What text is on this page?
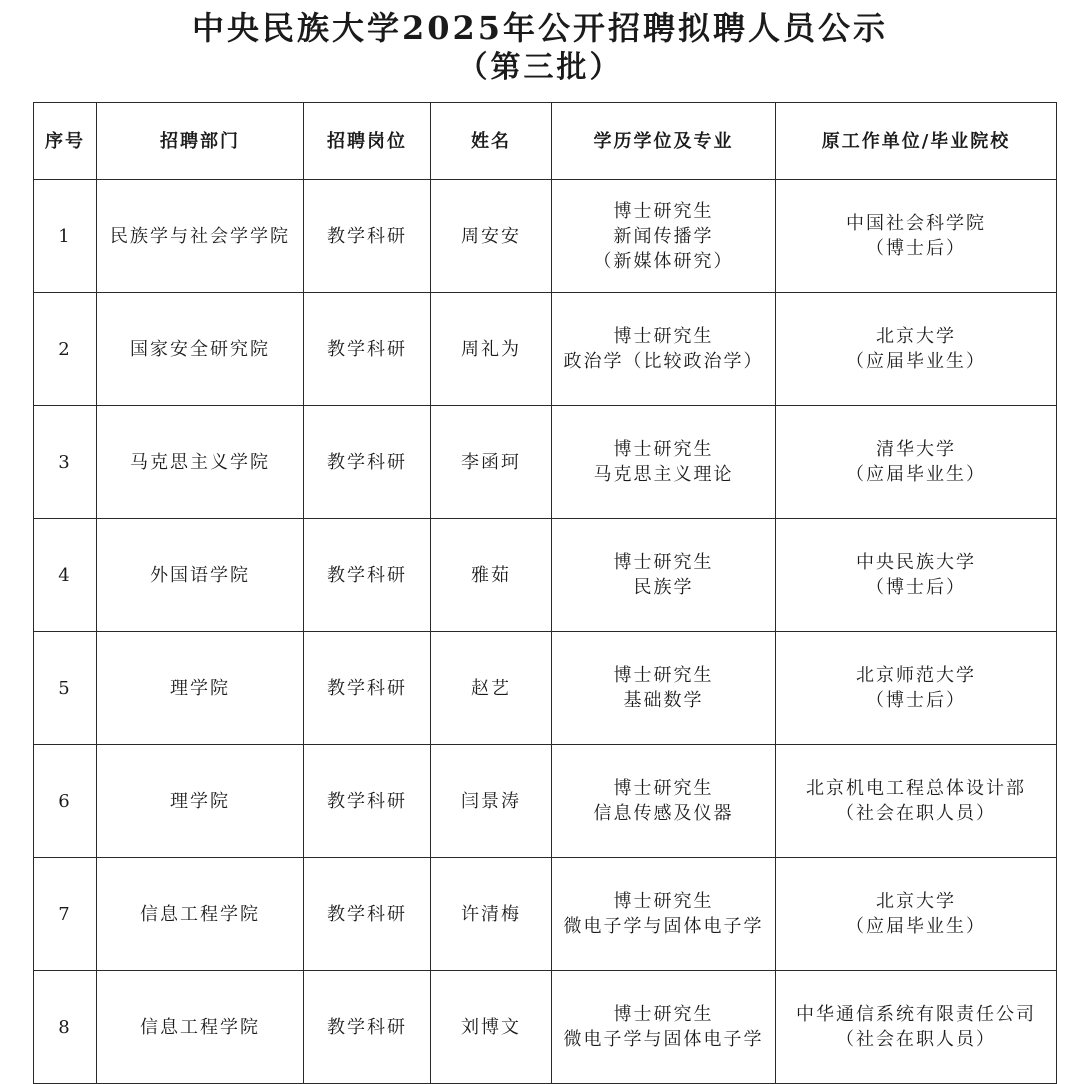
中央民族大学2025年公开招聘拟聘人员公示
（第三批）
序号	招聘部门	招聘岗位	姓名	学历学位及专业	原工作单位/毕业院校
1	民族学与社会学学院	教学科研	周安安	博士研究生
新闻传播学
（新媒体研究）	中国社会科学院
（博士后）

2	国家安全研究院	教学科研	周礼为	博士研究生
政治学（比较政治学）	北京大学
（应届毕业生）

3	马克思主义学院	教学科研	李函珂	博士研究生
马克思主义理论	清华大学
（应届毕业生）

4	外国语学院	教学科研	雅茹	博士研究生
民族学	中央民族大学
（博士后）

5	理学院	教学科研	赵艺	博士研究生
基础数学	北京师范大学
（博士后）

6	理学院	教学科研	闫景涛	博士研究生
信息传感及仪器	北京机电工程总体设计部
（社会在职人员）

7	信息工程学院	教学科研	许清梅	博士研究生
微电子学与固体电子学	北京大学
（应届毕业生）

8	信息工程学院	教学科研	刘博文	博士研究生
微电子学与固体电子学	中华通信系统有限责任公司
（社会在职人员）
